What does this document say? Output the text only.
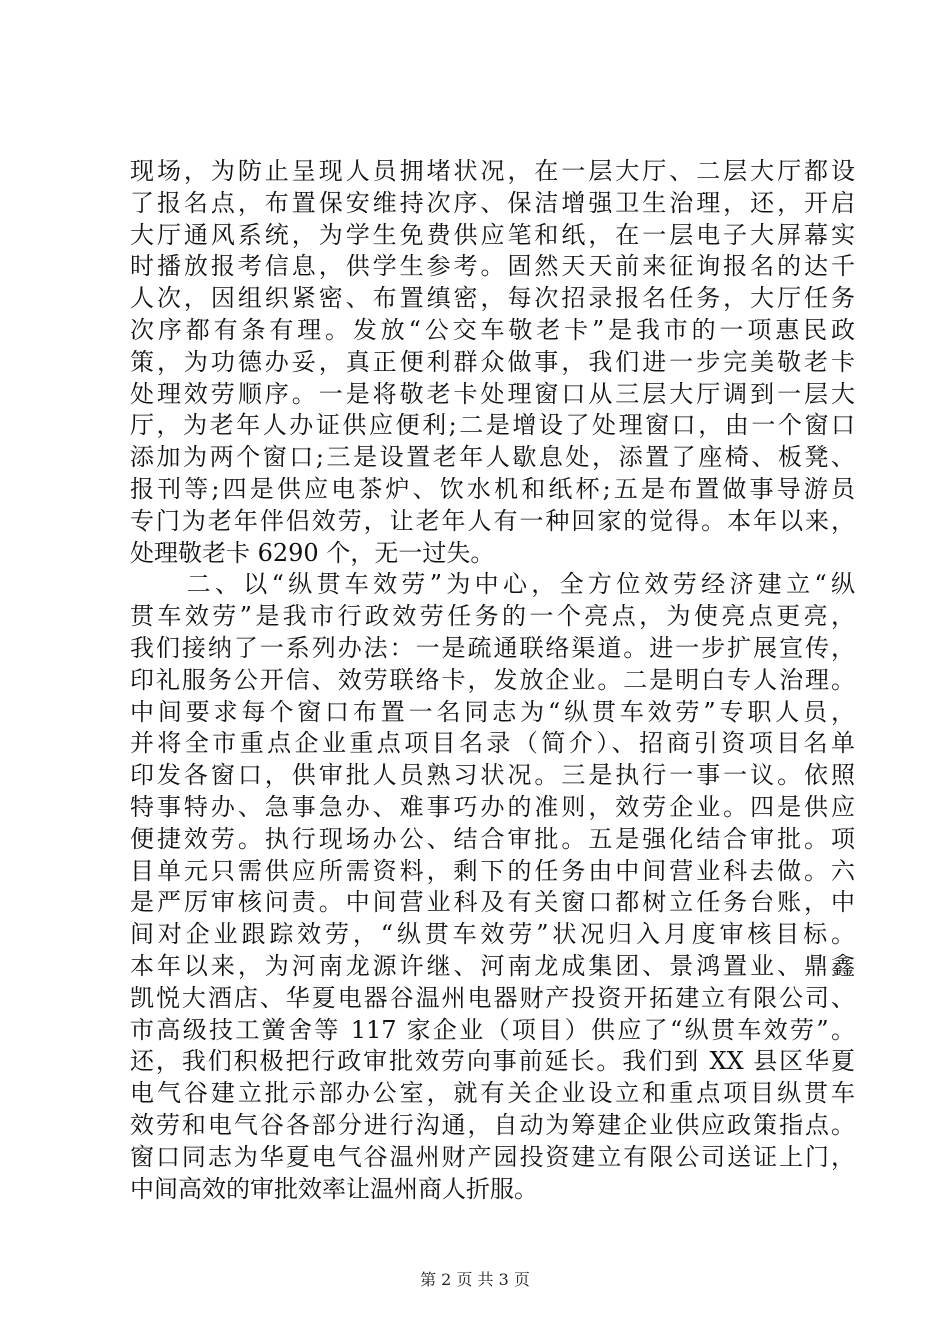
现场，为防止呈现人员拥堵状况，在一层大厅、二层大厅都设
了报名点，布置保安维持次序、保洁增强卫生治理，还，开启
大厅通风系统，为学生免费供应笔和纸，在一层电子大屏幕实
时播放报考信息，供学生参考。固然天天前来征询报名的达千
人次，因组织紧密、布置缜密，每次招录报名任务，大厅任务
次序都有条有理。发放“公交车敬老卡”是我市的一项惠民政
策，为功德办妥，真正便利群众做事，我们进一步完美敬老卡
处理效劳顺序。一是将敬老卡处理窗口从三层大厅调到一层大
厅，为老年人办证供应便利;二是增设了处理窗口，由一个窗口
添加为两个窗口;三是设置老年人歇息处，添置了座椅、板凳、
报刊等;四是供应电茶炉、饮水机和纸杯;五是布置做事导游员
专门为老年伴侣效劳，让老年人有一种回家的觉得。本年以来，
处理敬老卡 6290 个，无一过失。
　　二、以“纵贯车效劳”为中心，全方位效劳经济建立“纵
贯车效劳”是我市行政效劳任务的一个亮点，为使亮点更亮，
我们接纳了一系列办法：一是疏通联络渠道。进一步扩展宣传，
印礼服务公开信、效劳联络卡，发放企业。二是明白专人治理。
中间要求每个窗口布置一名同志为“纵贯车效劳”专职人员，
并将全市重点企业重点项目名录（简介）、招商引资项目名单
印发各窗口，供审批人员熟习状况。三是执行一事一议。依照
特事特办、急事急办、难事巧办的准则，效劳企业。四是供应
便捷效劳。执行现场办公、结合审批。五是强化结合审批。项
目单元只需供应所需资料，剩下的任务由中间营业科去做。六
是严厉审核问责。中间营业科及有关窗口都树立任务台账，中
间对企业跟踪效劳，“纵贯车效劳”状况归入月度审核目标。
本年以来，为河南龙源许继、河南龙成集团、景鸿置业、鼎鑫
凯悦大酒店、华夏电器谷温州电器财产投资开拓建立有限公司、
市高级技工黉舍等 117 家企业（项目）供应了“纵贯车效劳”。
还，我们积极把行政审批效劳向事前延长。我们到 XX 县区华夏
电气谷建立批示部办公室，就有关企业设立和重点项目纵贯车
效劳和电气谷各部分进行沟通，自动为筹建企业供应政策指点。
窗口同志为华夏电气谷温州财产园投资建立有限公司送证上门，
中间高效的审批效率让温州商人折服。
第 2 页 共 3 页
